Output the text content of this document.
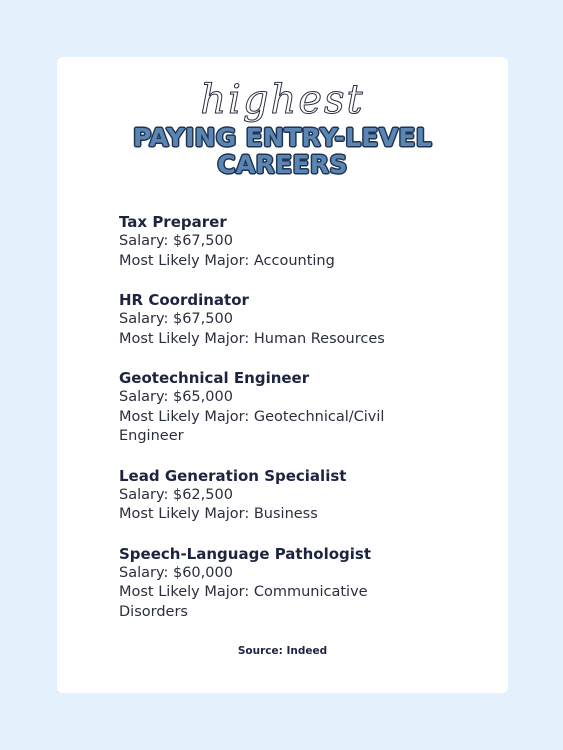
highest
PAYING ENTRY-LEVEL
CAREERS
Tax Preparer
Salary: $67,500
Most Likely Major: Accounting
HR Coordinator
Salary: $67,500
Most Likely Major: Human Resources
Geotechnical Engineer
Salary: $65,000
Most Likely Major: Geotechnical/Civil
Engineer
Lead Generation Specialist
Salary: $62,500
Most Likely Major: Business
Speech-Language Pathologist
Salary: $60,000
Most Likely Major: Communicative
Disorders
Source: Indeed
